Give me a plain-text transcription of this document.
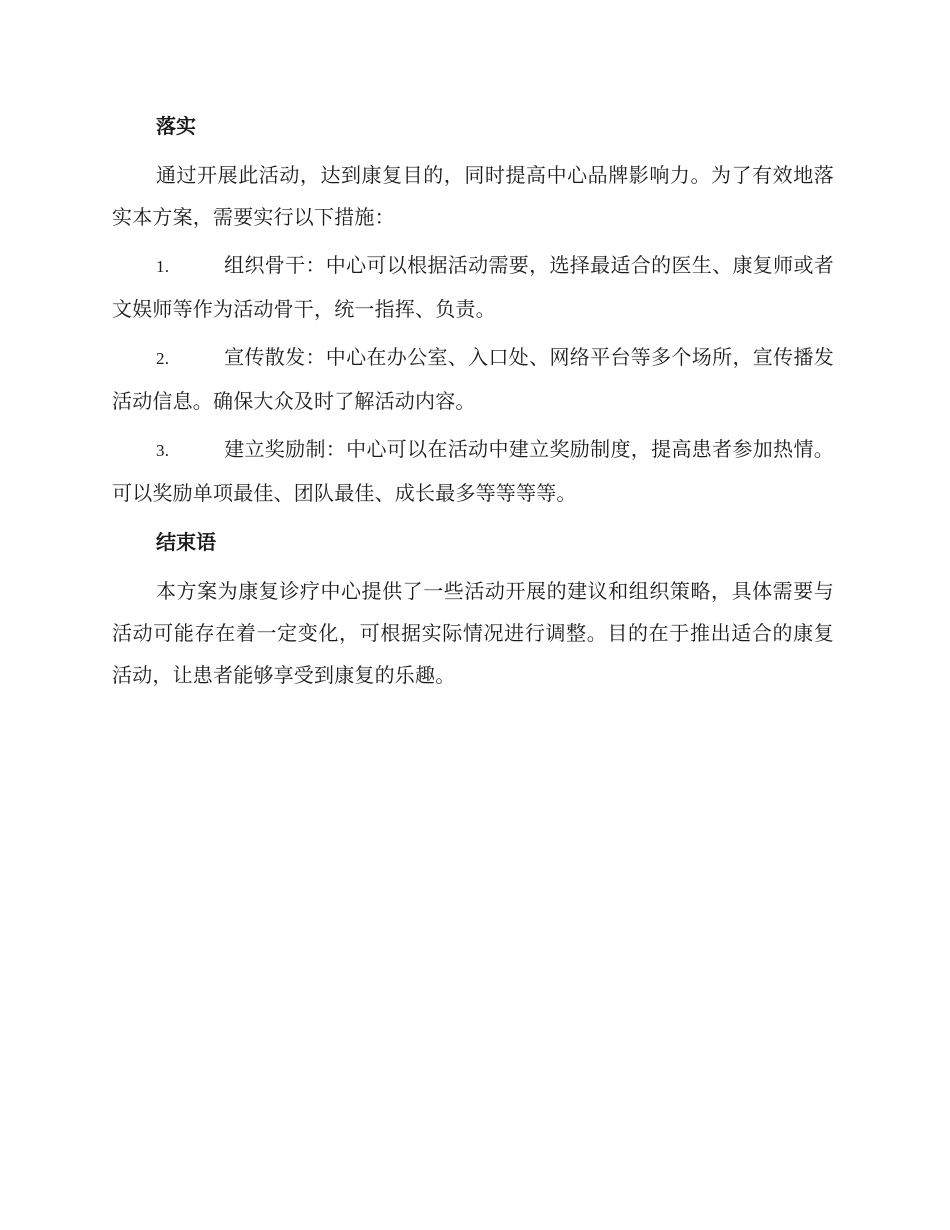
落实

通过开展此活动，达到康复目的，同时提高中心品牌影响力。为了有效地落实本方案，需要实行以下措施：

1.	组织骨干：中心可以根据活动需要，选择最适合的医生、康复师或者文娱师等作为活动骨干，统一指挥、负责。

2.	宣传散发：中心在办公室、入口处、网络平台等多个场所，宣传播发活动信息。确保大众及时了解活动内容。

3.	建立奖励制：中心可以在活动中建立奖励制度，提高患者参加热情。可以奖励单项最佳、团队最佳、成长最多等等等等。

结束语

本方案为康复诊疗中心提供了一些活动开展的建议和组织策略，具体需要与活动可能存在着一定变化，可根据实际情况进行调整。目的在于推出适合的康复活动，让患者能够享受到康复的乐趣。
